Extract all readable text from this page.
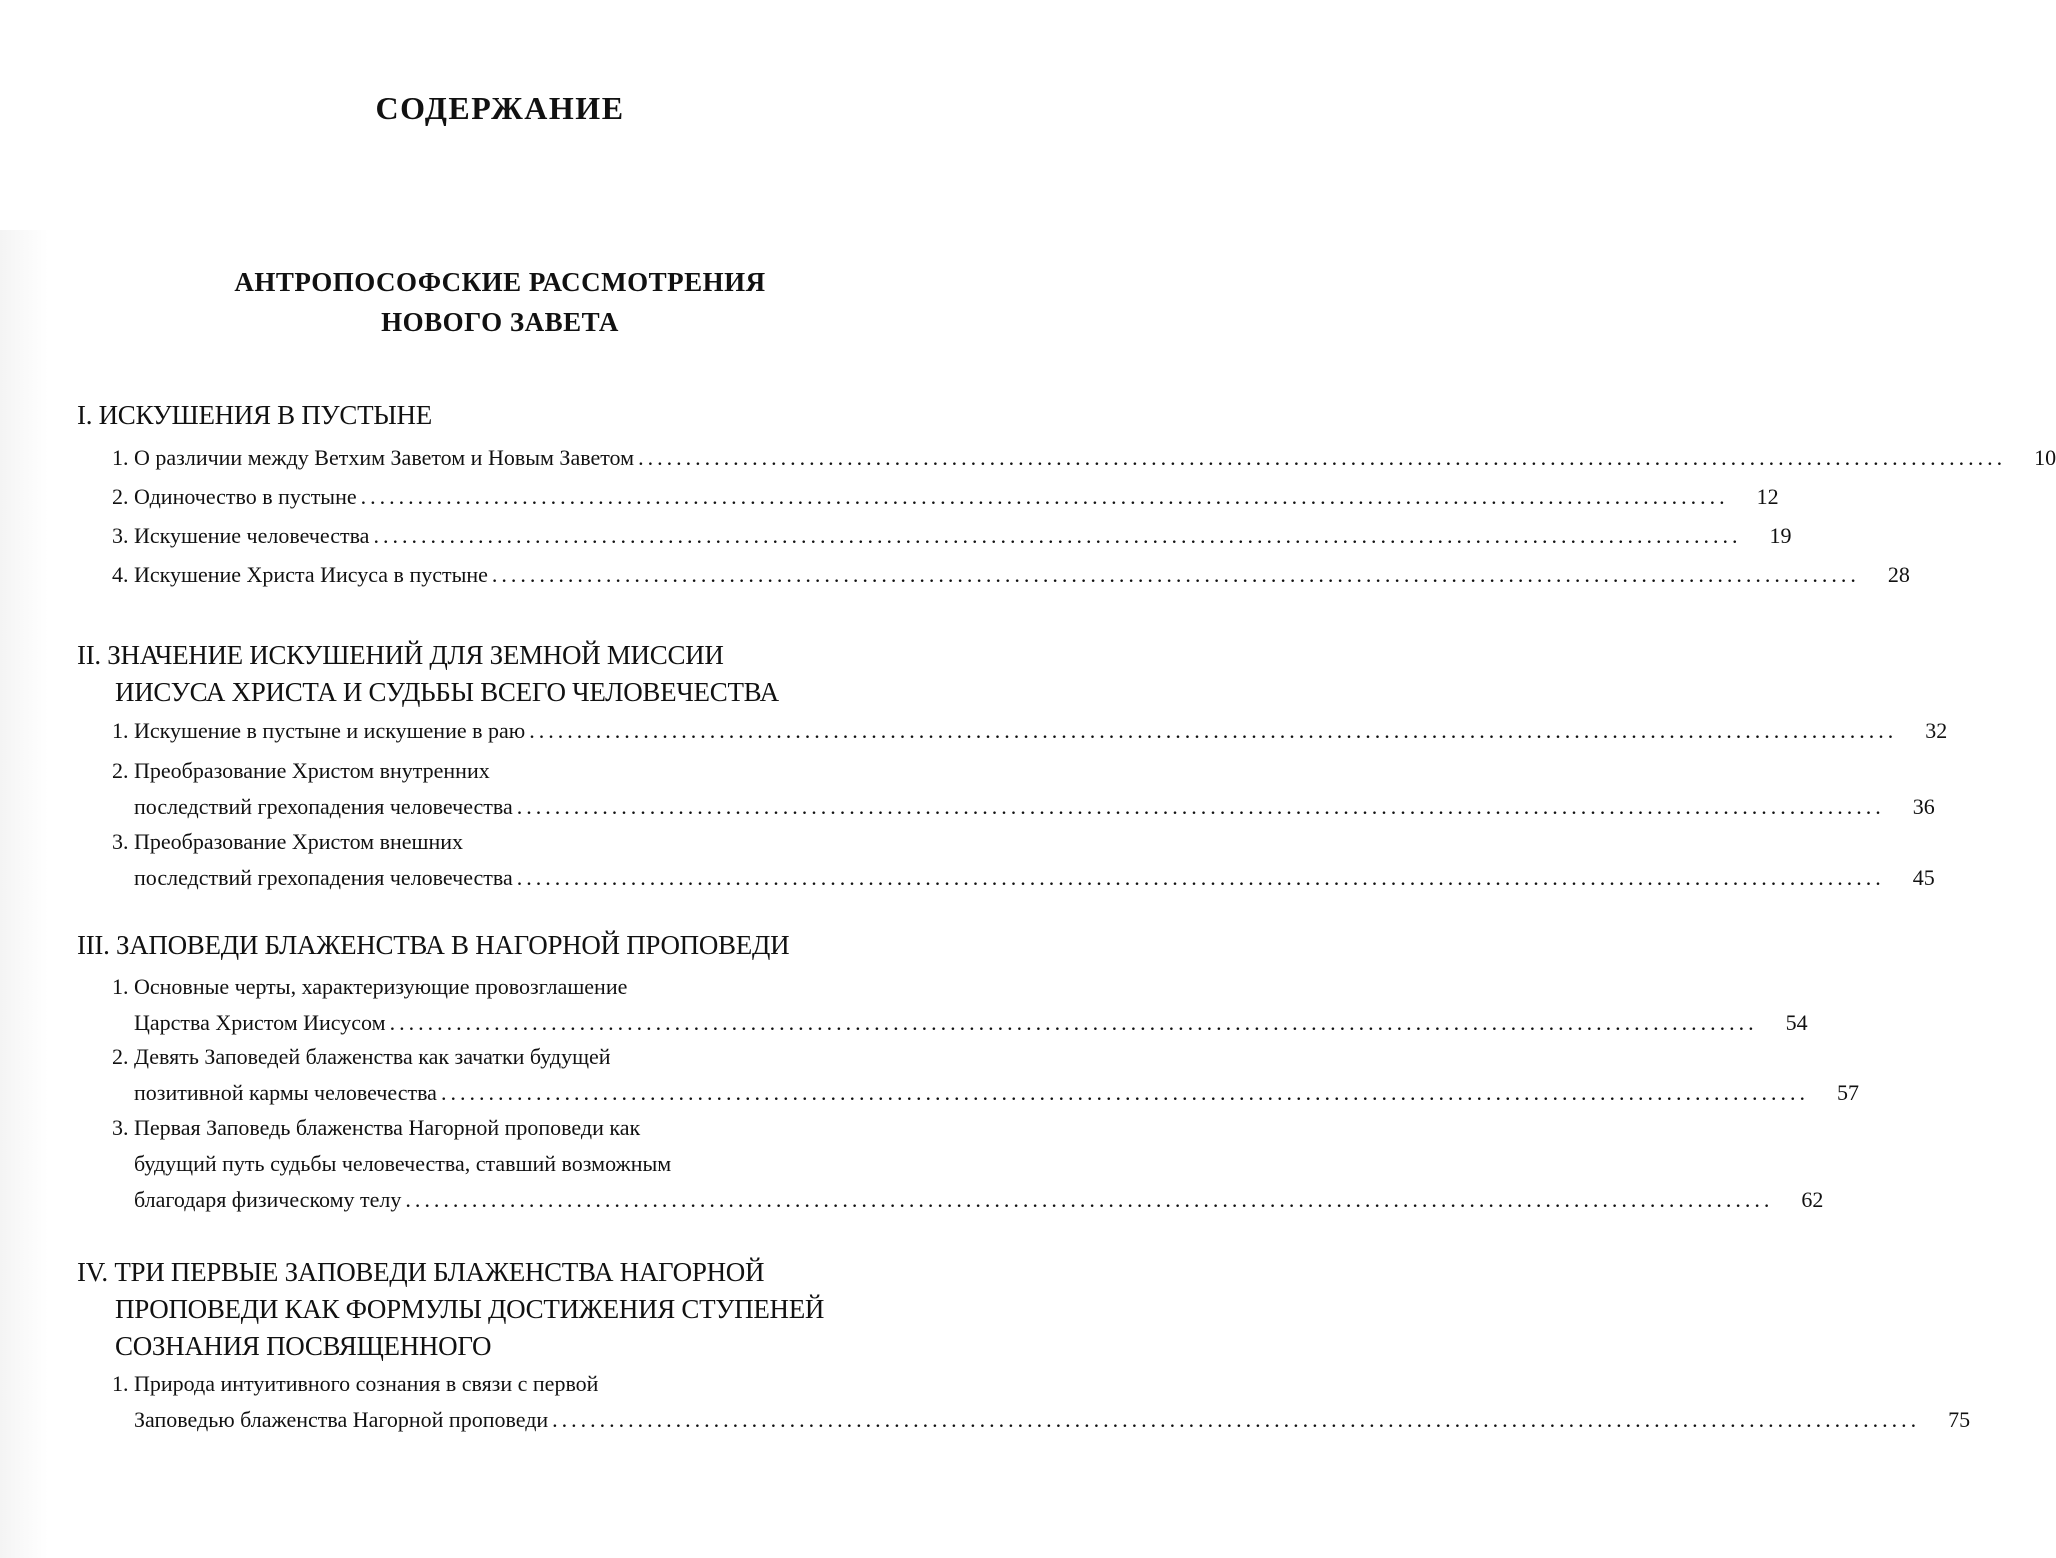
СОДЕРЖАНИЕ
АНТРОПОСОФСКИЕ РАССМОТРЕНИЯ
НОВОГО ЗАВЕТА
I. ИСКУШЕНИЯ В ПУСТЫНЕ
1. О различии между Ветхим Заветом и Новым Заветом ................................................................................................................................................	10
2. Одиночество в пустыне ................................................................................................................................................	12
3. Искушение человечества ................................................................................................................................................	19
4. Искушение Христа Иисуса в пустыне ................................................................................................................................................	28
II. ЗНАЧЕНИЕ ИСКУШЕНИЙ ДЛЯ ЗЕМНОЙ МИССИИ
ИИСУСА ХРИСТА И СУДЬБЫ ВСЕГО ЧЕЛОВЕЧЕСТВА
1. Искушение в пустыне и искушение в раю ................................................................................................................................................	32
2. Преобразование Христом внутренних
последствий грехопадения человечества ................................................................................................................................................	36
3. Преобразование Христом внешних
последствий грехопадения человечества ................................................................................................................................................	45
III. ЗАПОВЕДИ БЛАЖЕНСТВА В НАГОРНОЙ ПРОПОВЕДИ
1. Основные черты, характеризующие провозглашение
Царства Христом Иисусом ................................................................................................................................................	54
2. Девять Заповедей блаженства как зачатки будущей
позитивной кармы человечества ................................................................................................................................................	57
3. Первая Заповедь блаженства Нагорной проповеди как
будущий путь судьбы человечества, ставший возможным
благодаря физическому телу ................................................................................................................................................	62
IV. ТРИ ПЕРВЫЕ ЗАПОВЕДИ БЛАЖЕНСТВА НАГОРНОЙ
ПРОПОВЕДИ КАК ФОРМУЛЫ ДОСТИЖЕНИЯ СТУПЕНЕЙ
СОЗНАНИЯ ПОСВЯЩЕННОГО
1. Природа интуитивного сознания в связи с первой
Заповедью блаженства Нагорной проповеди ................................................................................................................................................	75
